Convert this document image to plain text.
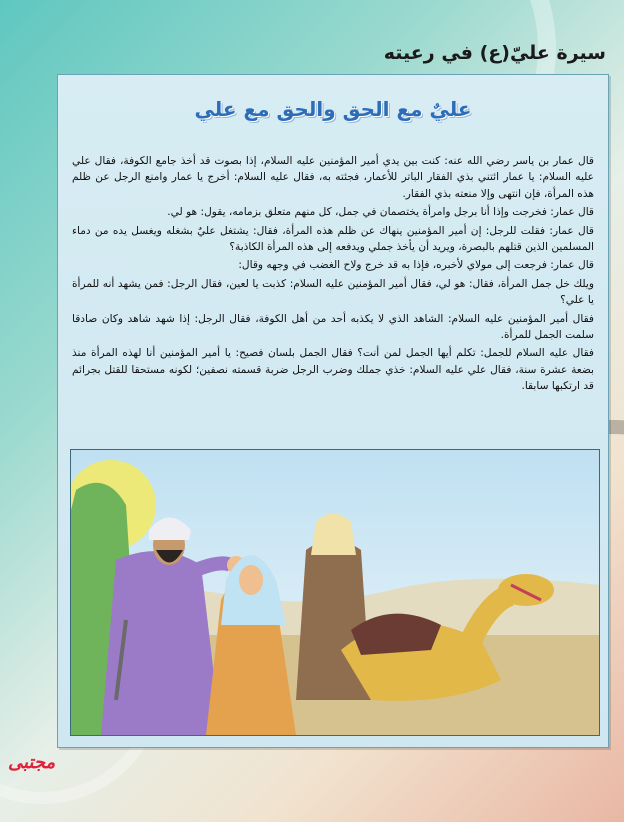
سيرة عليّ(ع) في رعيته
عليٌ مع الحق والحق مع علي

قال عمار بن ياسر رضي الله عنه: كنت بين يدي أمير المؤمنين عليه السلام، إذا بصوت قد أخذ جامع الكوفة، فقال علي عليه السلام: يا عمار ائتني بذي الفقار الباتر للأعمار، فجئته به، فقال عليه السلام: أخرج يا عمار وامنع الرجل عن ظلم هذه المرأة، فإن انتهى وإلا منعته بذي الفقار.

قال عمار: فخرجت وإذا أنا برجل وامرأة يختصمان في جمل، كل منهم متعلق بزمامه، يقول: هو لي.

قال عمار: فقلت للرجل: إن أمير المؤمنين ينهاك عن ظلم هذه المرأة، فقال: يشتغل عليٌ بشغله ويغسل يده من دماء المسلمين الذين قتلهم بالبصرة، ويريد أن يأخذ جملي ويدفعه إلى هذه المرأة الكاذبة؟

قال عمار: فرجعت إلى مولاي لأخبره، فإذا به قد خرج ولاح الغضب في وجهه وقال:

ويلك خل جمل المرأة، فقال: هو لي، فقال أمير المؤمنين عليه السلام: كذبت يا لعين، فقال الرجل: فمن يشهد أنه للمرأة يا علي؟

فقال أمير المؤمنين عليه السلام: الشاهد الذي لا يكذبه أحد من أهل الكوفة، فقال الرجل: إذا شهد شاهد وكان صادقا سلمت الجمل للمرأة.

فقال عليه السلام للجمل: تكلم أيها الجمل لمن أنت؟ فقال الجمل بلسان فصيح: يا أمير المؤمنين أنا لهذه المرأة منذ بضعة عشرة سنة، فقال علي عليه السلام: خذي جملك وضرب الرجل ضربة قسمته نصفين؛ لكونه مستحقا للقتل بجرائم قد ارتكبها سابقا.

مجتبى
